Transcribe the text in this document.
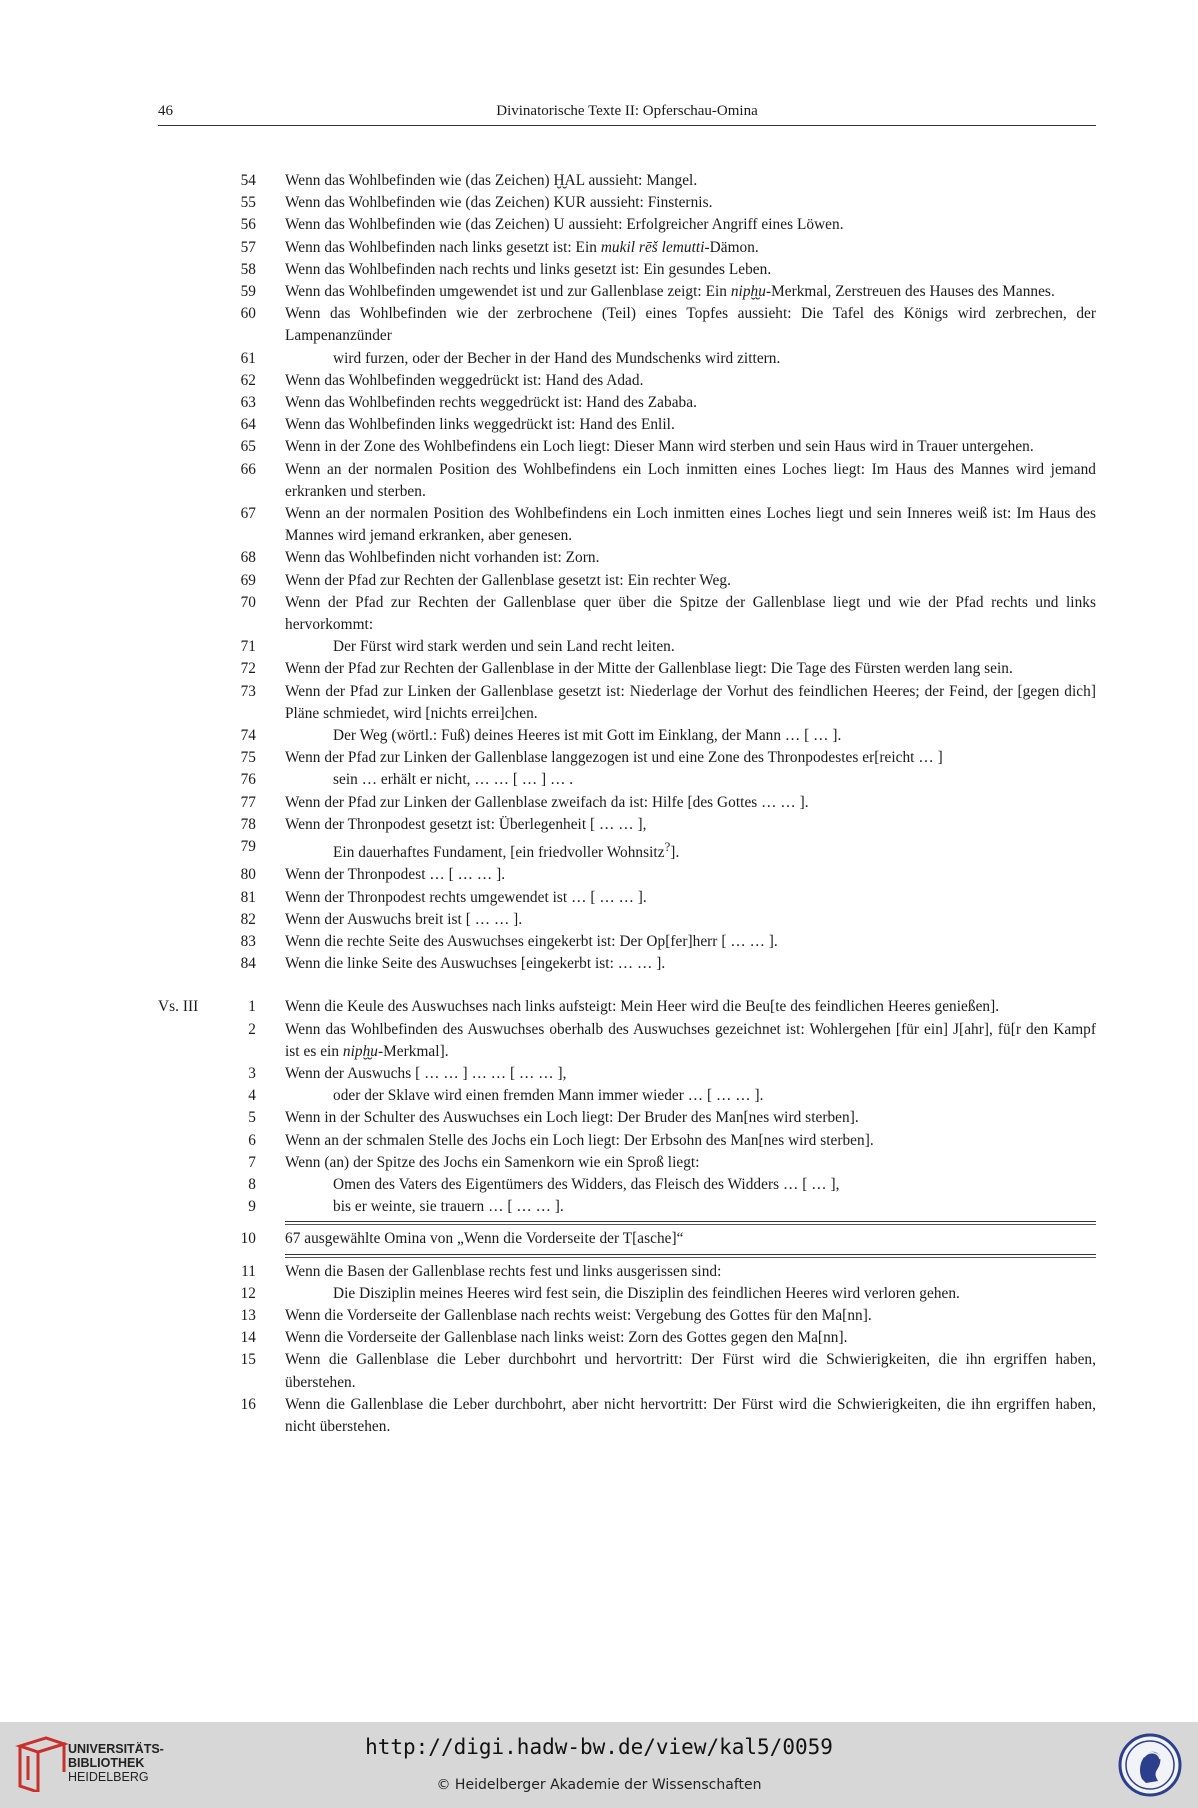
46	Divinatorische Texte II: Opferschau-Omina
54 Wenn das Wohlbefinden wie (das Zeichen) Ḫ̮AL aussieht: Mangel.
55 Wenn das Wohlbefinden wie (das Zeichen) KUR aussieht: Finsternis.
56 Wenn das Wohlbefinden wie (das Zeichen) U aussieht: Erfolgreicher Angriff eines Löwen.
57 Wenn das Wohlbefinden nach links gesetzt ist: Ein mukil rēš lemutti-Dämon.
58 Wenn das Wohlbefinden nach rechts und links gesetzt ist: Ein gesundes Leben.
59 Wenn das Wohlbefinden umgewendet ist und zur Gallenblase zeigt: Ein nipḫ̮u-Merkmal, Zerstreuen des Hauses des Mannes.
60 Wenn das Wohlbefinden wie der zerbrochene (Teil) eines Topfes aussieht: Die Tafel des Königs wird zerbrechen, der Lampenanzünder
61	wird furzen, oder der Becher in der Hand des Mundschenks wird zittern.
62 Wenn das Wohlbefinden weggedrückt ist: Hand des Adad.
63 Wenn das Wohlbefinden rechts weggedrückt ist: Hand des Zababa.
64 Wenn das Wohlbefinden links weggedrückt ist: Hand des Enlil.
65 Wenn in der Zone des Wohlbefindens ein Loch liegt: Dieser Mann wird sterben und sein Haus wird in Trauer untergehen.
66 Wenn an der normalen Position des Wohlbefindens ein Loch inmitten eines Loches liegt: Im Haus des Mannes wird jemand erkranken und sterben.
67 Wenn an der normalen Position des Wohlbefindens ein Loch inmitten eines Loches liegt und sein Inneres weiß ist: Im Haus des Mannes wird jemand erkranken, aber genesen.
68 Wenn das Wohlbefinden nicht vorhanden ist: Zorn.
69 Wenn der Pfad zur Rechten der Gallenblase gesetzt ist: Ein rechter Weg.
70 Wenn der Pfad zur Rechten der Gallenblase quer über die Spitze der Gallenblase liegt und wie der Pfad rechts und links hervorkommt:
71	Der Fürst wird stark werden und sein Land recht leiten.
72 Wenn der Pfad zur Rechten der Gallenblase in der Mitte der Gallenblase liegt: Die Tage des Fürsten werden lang sein.
73 Wenn der Pfad zur Linken der Gallenblase gesetzt ist: Niederlage der Vorhut des feindlichen Heeres; der Feind, der [gegen dich] Pläne schmiedet, wird [nichts errei]chen.
74	Der Weg (wörtl.: Fuß) deines Heeres ist mit Gott im Einklang, der Mann … [ … ].
75 Wenn der Pfad zur Linken der Gallenblase langgezogen ist und eine Zone des Thronpodestes er[reicht … ]
76	sein … erhält er nicht, … … [ … ] … .
77 Wenn der Pfad zur Linken der Gallenblase zweifach da ist: Hilfe [des Gottes … … ].
78 Wenn der Thronpodest gesetzt ist: Überlegenheit [ … … ],
79	Ein dauerhaftes Fundament, [ein friedvoller Wohnsitz?].
80 Wenn der Thronpodest … [ … … ].
81 Wenn der Thronpodest rechts umgewendet ist … [ … … ].
82 Wenn der Auswuchs breit ist [ … … ].
83 Wenn die rechte Seite des Auswuchses eingekerbt ist: Der Op[fer]herr [ … … ].
84 Wenn die linke Seite des Auswuchses [eingekerbt ist: … … ].
Vs. III	1 Wenn die Keule des Auswuchses nach links aufsteigt: Mein Heer wird die Beu[te des feindlichen Heeres genießen].
2 Wenn das Wohlbefinden des Auswuchses oberhalb des Auswuchses gezeichnet ist: Wohlergehen [für ein] J[ahr], fü[r den Kampf ist es ein nipḫ̮u-Merkmal].
3 Wenn der Auswuchs [ … … ] … … [ … … ],
4	oder der Sklave wird einen fremden Mann immer wieder … [ … … ].
5 Wenn in der Schulter des Auswuchses ein Loch liegt: Der Bruder des Man[nes wird sterben].
6 Wenn an der schmalen Stelle des Jochs ein Loch liegt: Der Erbsohn des Man[nes wird sterben].
7 Wenn (an) der Spitze des Jochs ein Samenkorn wie ein Sproß liegt:
8	Omen des Vaters des Eigentümers des Widders, das Fleisch des Widders … [ … ],
9	bis er weinte, sie trauern … [ … … ].
10 67 ausgewählte Omina von „Wenn die Vorderseite der T[asche]“
11 Wenn die Basen der Gallenblase rechts fest und links ausgerissen sind:
12	Die Disziplin meines Heeres wird fest sein, die Disziplin des feindlichen Heeres wird verloren gehen.
13 Wenn die Vorderseite der Gallenblase nach rechts weist: Vergebung des Gottes für den Ma[nn].
14 Wenn die Vorderseite der Gallenblase nach links weist: Zorn des Gottes gegen den Ma[nn].
15 Wenn die Gallenblase die Leber durchbohrt und hervortritt: Der Fürst wird die Schwierigkeiten, die ihn ergriffen haben, überstehen.
16 Wenn die Gallenblase die Leber durchbohrt, aber nicht hervortritt: Der Fürst wird die Schwierigkeiten, die ihn ergriffen haben, nicht überstehen.
UNIVERSITÄTS-
BIBLIOTHEK
HEIDELBERG
http://digi.hadw-bw.de/view/kal5/0059
© Heidelberger Akademie der Wissenschaften
